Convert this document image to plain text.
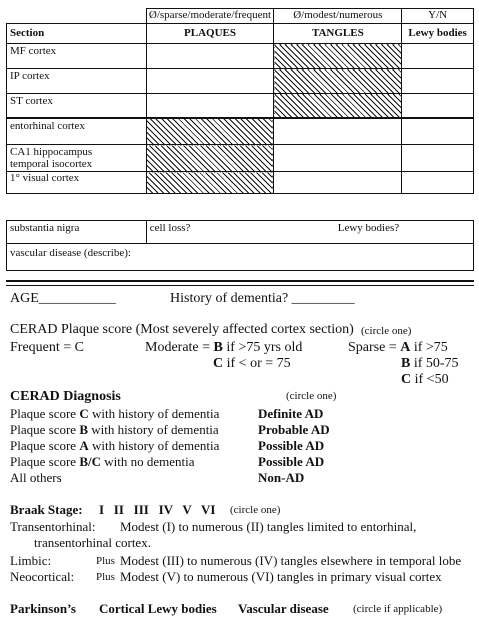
	Ø/sparse/moderate/frequent	Ø/modest/numerous	Y/N
Section	PLAQUES	TANGLES	Lewy bodies

MF cortex			

IP cortex			

ST cortex			

entorhinal cortex			

CA1 hippocampus
temporal isocortex			

1° visual cortex			

substantia nigra	cell loss?	Lewy bodies?

vascular disease (describe):
AGE___________	History of dementia? _________
CERAD Plaque score (Most severely affected cortex section) (circle one)
Frequent = C	Moderate = B if >75 yrs old
C if < or = 75
Sparse = A if >75
B if 50-75
C if <50
CERAD Diagnosis	(circle one)
Plaque score C with history of dementia	Definite AD
Plaque score B with history of dementia	Probable AD
Plaque score A with history of dementia	Possible AD
Plaque score B/C with no dementia	Possible AD
All others	Non-AD
Braak Stage: I   II   III   IV   V   VI (circle one)
Transentorhinal: Modest (I) to numerous (II) tangles limited to entorhinal,
transentorhinal cortex.
Limbic:	Plus Modest (III) to numerous (IV) tangles elsewhere in temporal lobe
Neocortical: Plus Modest (V) to numerous (VI) tangles in primary visual cortex
Parkinson’s Cortical Lewy bodies Vascular disease (circle if applicable)
